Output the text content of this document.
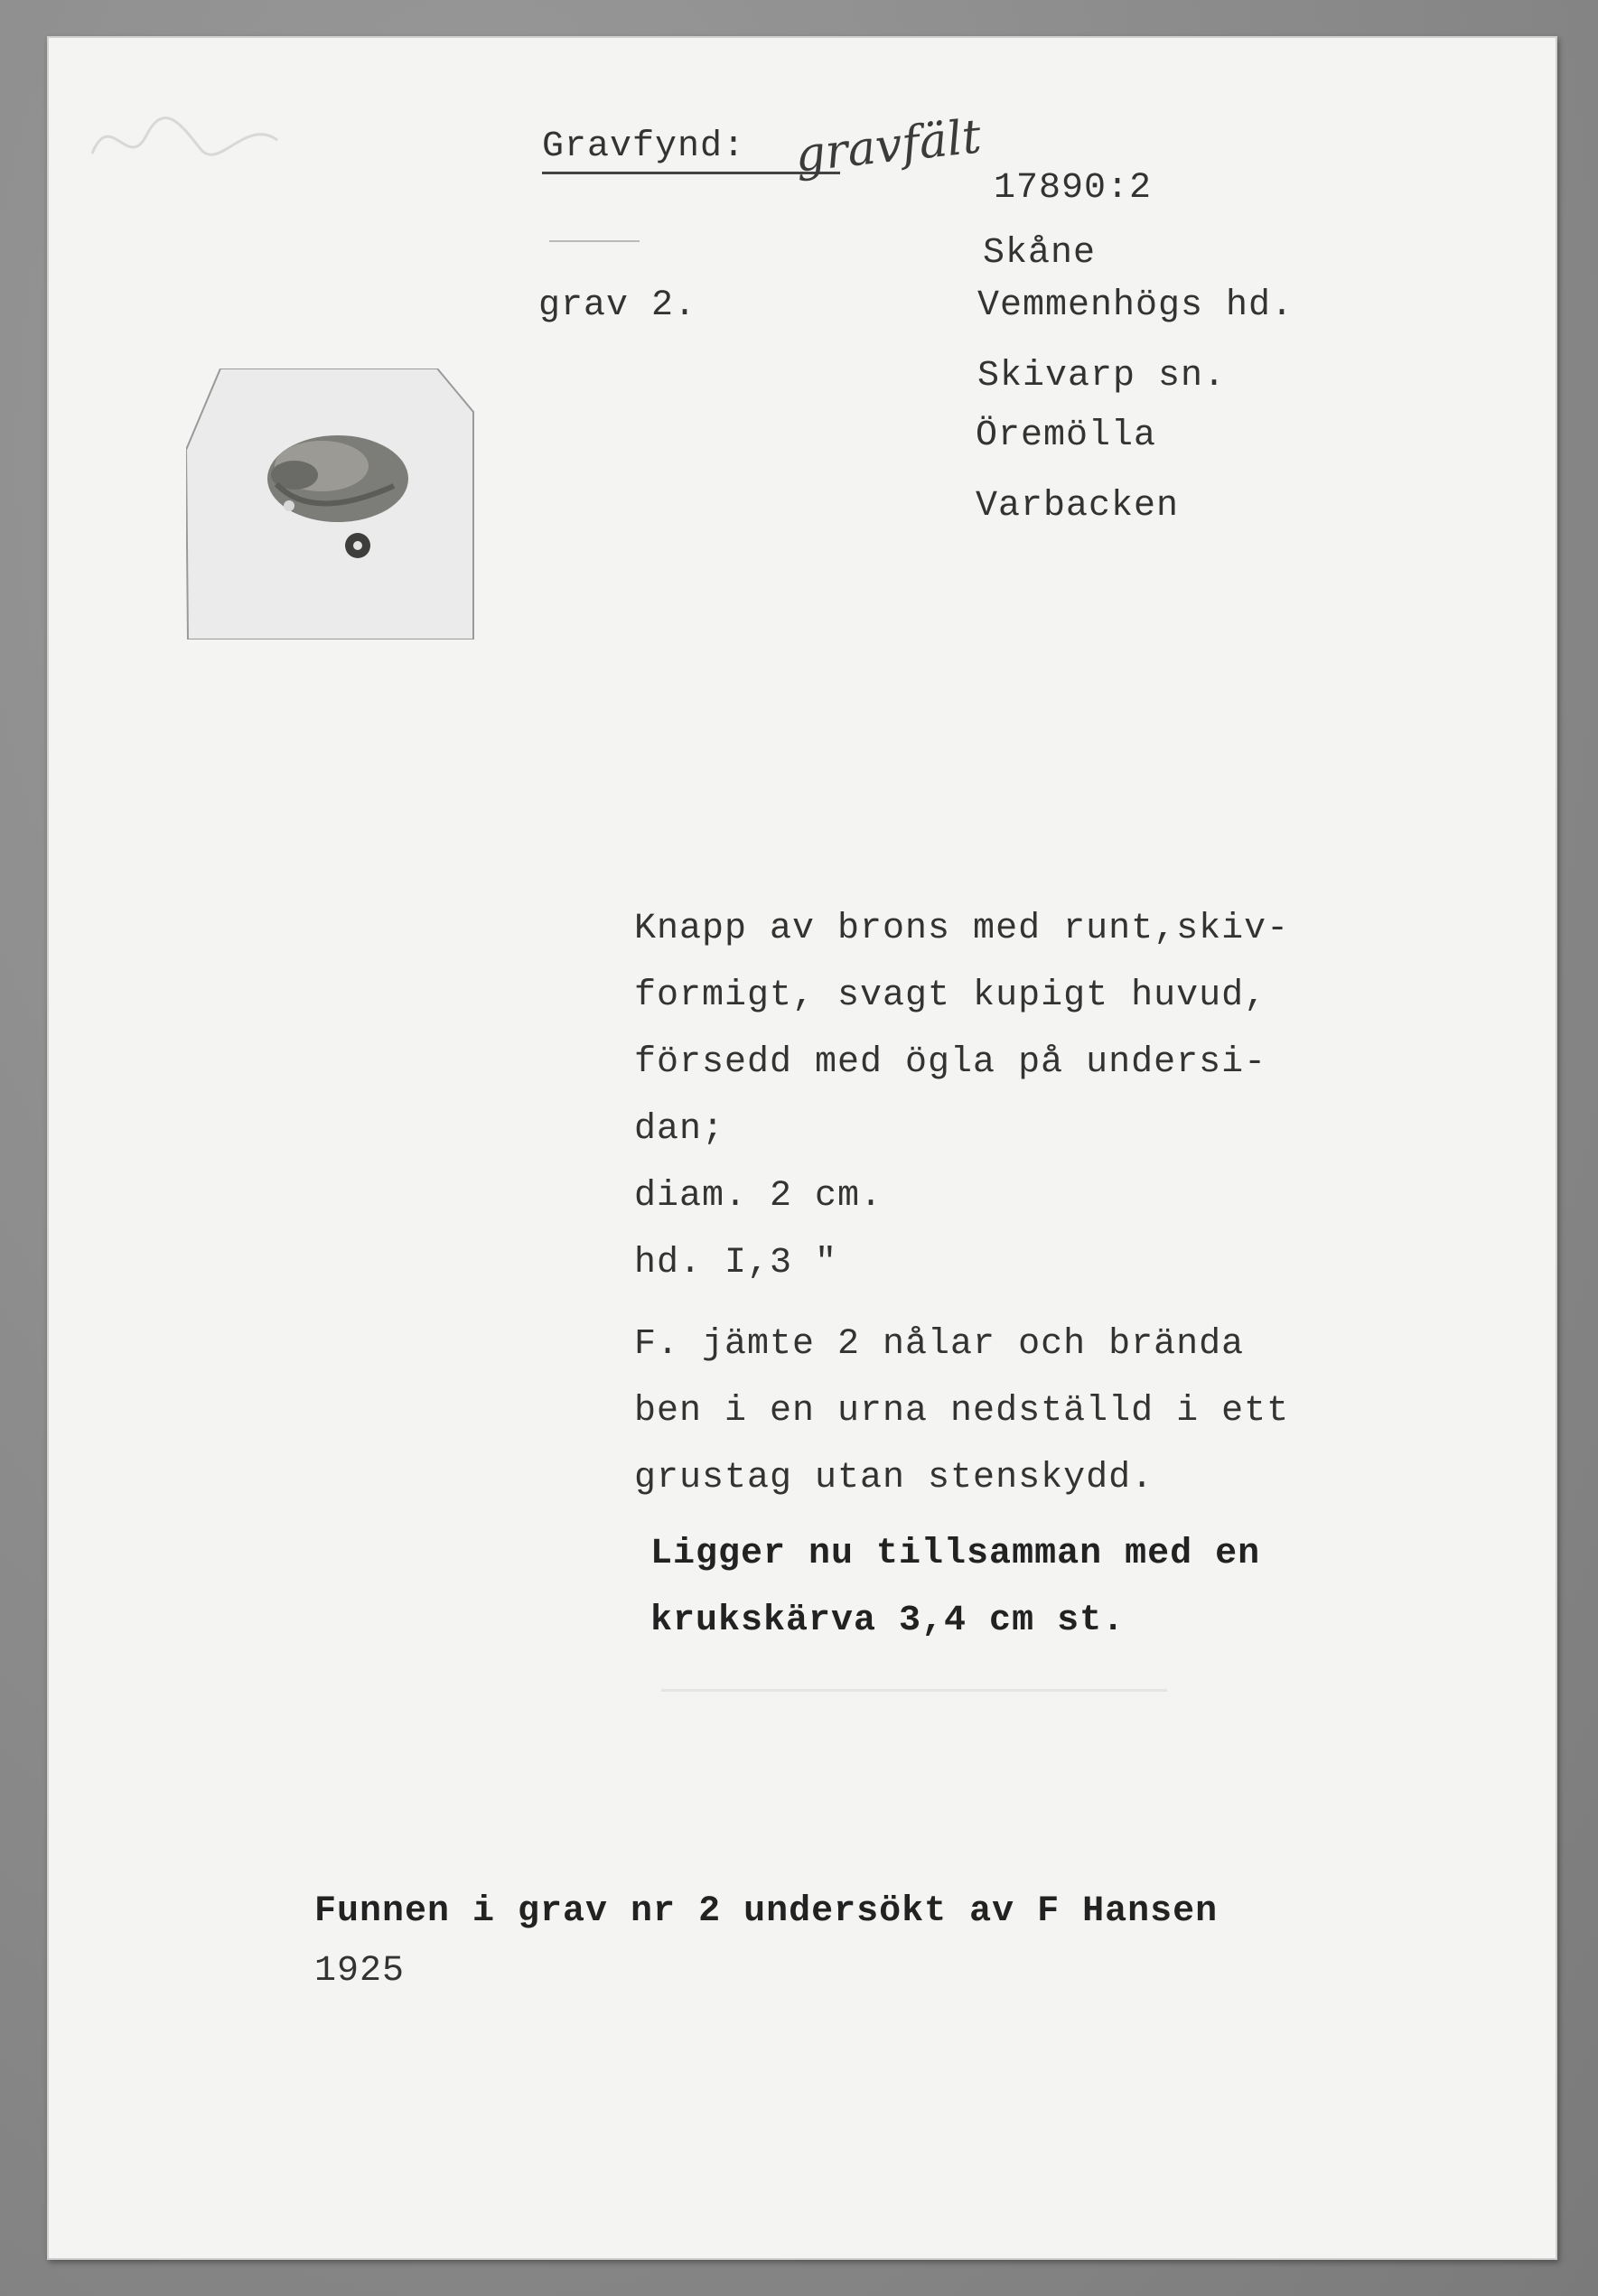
Gravfynd: gravfält
17890:2
grav 2.
Skåne
Vemmenhögs hd.
Skivarp sn.
Öremölla
Varbacken
Knapp av brons med runt,skiv-
formigt, svagt kupigt huvud,
försedd med ögla på undersi-
dan;
diam. 2 cm.
hd. I,3 "
F. jämte 2 nålar och brända
ben i en urna nedställd i ett
grustag utan stenskydd.
Ligger nu tillsamman med en
krukskärva 3,4 cm st.
Funnen i grav nr 2 undersökt av F Hansen
1925
